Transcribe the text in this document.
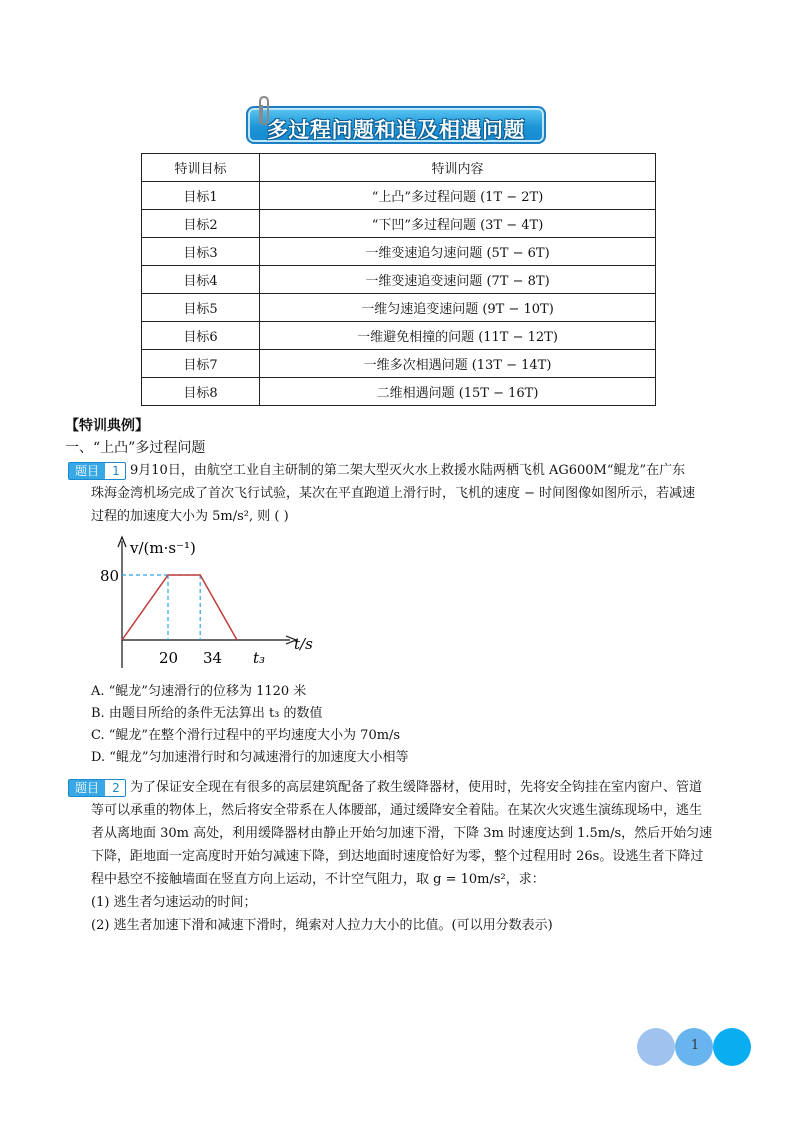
多过程问题和追及相遇问题
特训目标	特训内容
目标1	“上凸”多过程问题 (1T − 2T)
目标2	“下凹”多过程问题 (3T − 4T)
目标3	一维变速追匀速问题 (5T − 6T)
目标4	一维变速追变速问题 (7T − 8T)
目标5	一维匀速追变速问题 (9T − 10T)
目标6	一维避免相撞的问题 (11T − 12T)
目标7	一维多次相遇问题 (13T − 14T)
目标8	二维相遇问题 (15T − 16T)
【特训典例】
一、“上凸”多过程问题
题目	1 9月10日，由航空工业自主研制的第二架大型灭火水上救援水陆两栖飞机 AG600M“鲲龙”在广东
珠海金湾机场完成了首次飞行试验，某次在平直跑道上滑行时，飞机的速度 − 时间图像如图所示，若减速
过程的加速度大小为 5m/s², 则 ( )
v/(m·s⁻¹)
t/s
80
20 34 t₃
A. “鲲龙”匀速滑行的位移为 1120 米
B. 由题目所给的条件无法算出 t₃ 的数值
C. “鲲龙”在整个滑行过程中的平均速度大小为 70m/s
D. “鲲龙”匀加速滑行时和匀减速滑行的加速度大小相等
题目	2 为了保证安全现在有很多的高层建筑配备了救生缓降器材，使用时，先将安全钩挂在室内窗户、管道
等可以承重的物体上，然后将安全带系在人体腰部，通过缓降安全着陆。在某次火灾逃生演练现场中，逃生
者从离地面 30m 高处，利用缓降器材由静止开始匀加速下滑，下降 3m 时速度达到 1.5m/s，然后开始匀速
下降，距地面一定高度时开始匀减速下降，到达地面时速度恰好为零，整个过程用时 26s。设逃生者下降过
程中悬空不接触墙面在竖直方向上运动，不计空气阻力，取 g = 10m/s²，求：
(1) 逃生者匀速运动的时间；
(2) 逃生者加速下滑和减速下滑时，绳索对人拉力大小的比值。(可以用分数表示)
1
